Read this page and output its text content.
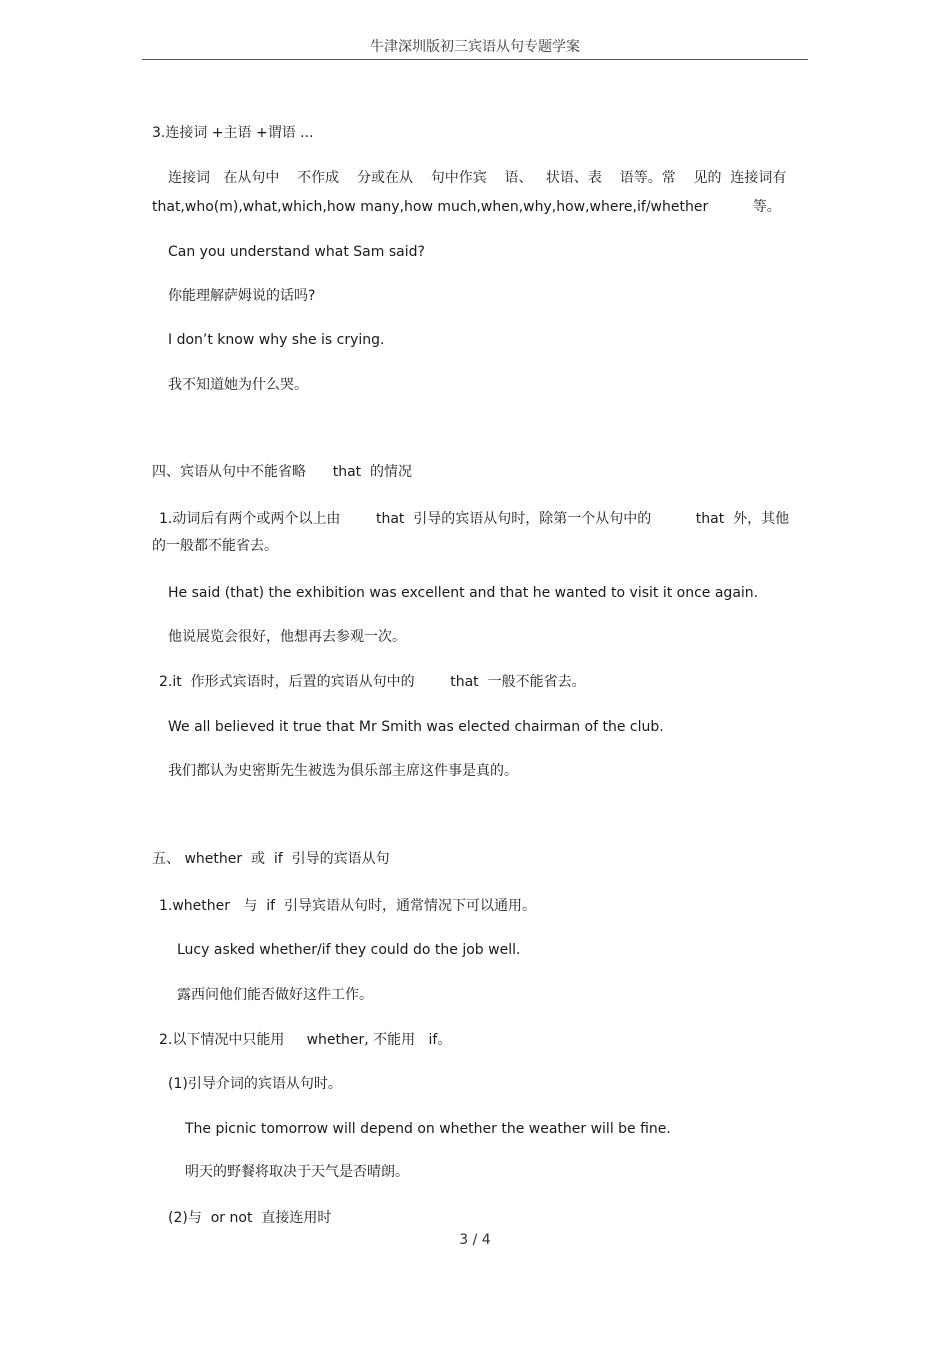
牛津深圳版初三宾语从句专题学案
3.连接词 +主语 +谓语 ...
连接词   在从句中    不作成    分或在从    句中作宾    语、   状语、表    语等。常    见的  连接词有
that,who(m),what,which,how many,how much,when,why,how,where,if/whether          等。
Can you understand what Sam said?
你能理解萨姆说的话吗?
I don’t know why she is crying.
我不知道她为什么哭。
四、宾语从句中不能省略      that  的情况
1.动词后有两个或两个以上由        that  引导的宾语从句时，除第一个从句中的          that  外，其他
的一般都不能省去。
He said (that) the exhibition was excellent and that he wanted to visit it once again.
他说展览会很好，他想再去参观一次。
2.it  作形式宾语时，后置的宾语从句中的        that  一般不能省去。
We all believed it true that Mr Smith was elected chairman of the club.
我们都认为史密斯先生被选为俱乐部主席这件事是真的。
五、 whether  或  if  引导的宾语从句
1.whether   与  if  引导宾语从句时，通常情况下可以通用。
Lucy asked whether/if they could do the job well.
露西问他们能否做好这件工作。
2.以下情况中只能用     whether, 不能用   if。
(1)引导介词的宾语从句时。
The picnic tomorrow will depend on whether the weather will be fine.
明天的野餐将取决于天气是否晴朗。
(2)与  or not  直接连用时
3 / 4
